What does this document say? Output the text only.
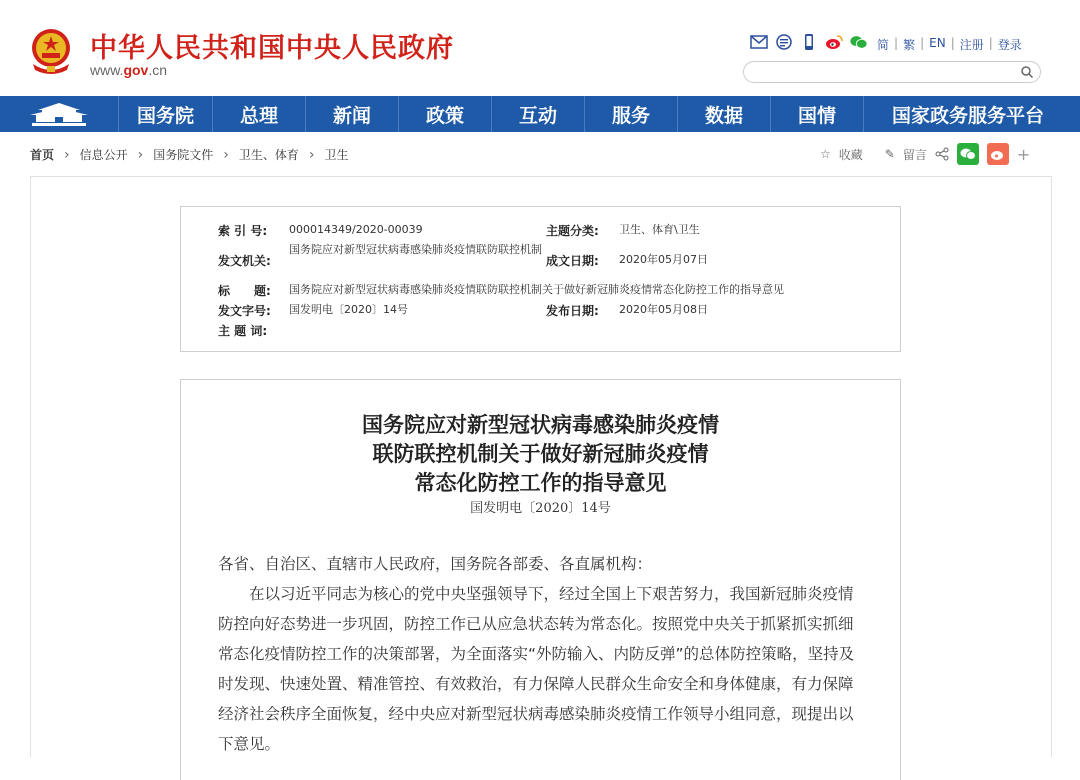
中华人民共和国中央人民政府
www.gov.cn
简 | 繁 | EN | 注册 | 登录
国务院	总理	新闻	政策	互动	服务	数据	国情	国家政务服务平台
首页 › 信息公开 › 国务院文件 › 卫生、体育 › 卫生	☆ 收藏 ✎ 留言	+
索 引 号: 000014349/2020-00039	主题分类: 卫生、体育\卫生
发文机关:
国务院应对新型冠状病毒感染肺炎疫情联防联控机制
成文日期: 2020年05月07日
标　　题: 国务院应对新型冠状病毒感染肺炎疫情联防联控机制关于做好新冠肺炎疫情常态化防控工作的指导意见
发文字号: 国发明电〔2020〕14号	发布日期: 2020年05月08日
主 题 词:
国务院应对新型冠状病毒感染肺炎疫情
联防联控机制关于做好新冠肺炎疫情
常态化防控工作的指导意见
国发明电〔2020〕14号

各省、自治区、直辖市人民政府，国务院各部委、各直属机构：

在以习近平同志为核心的党中央坚强领导下，经过全国上下艰苦努力，我国新冠肺炎疫情防控向好态势进一步巩固，防控工作已从应急状态转为常态化。按照党中央关于抓紧抓实抓细常态化疫情防控工作的决策部署，为全面落实“外防输入、内防反弹”的总体防控策略，坚持及时发现、快速处置、精准管控、有效救治，有力保障人民群众生命安全和身体健康，有力保障经济社会秩序全面恢复，经中央应对新型冠状病毒感染肺炎疫情工作领导小组同意，现提出以下意见。
